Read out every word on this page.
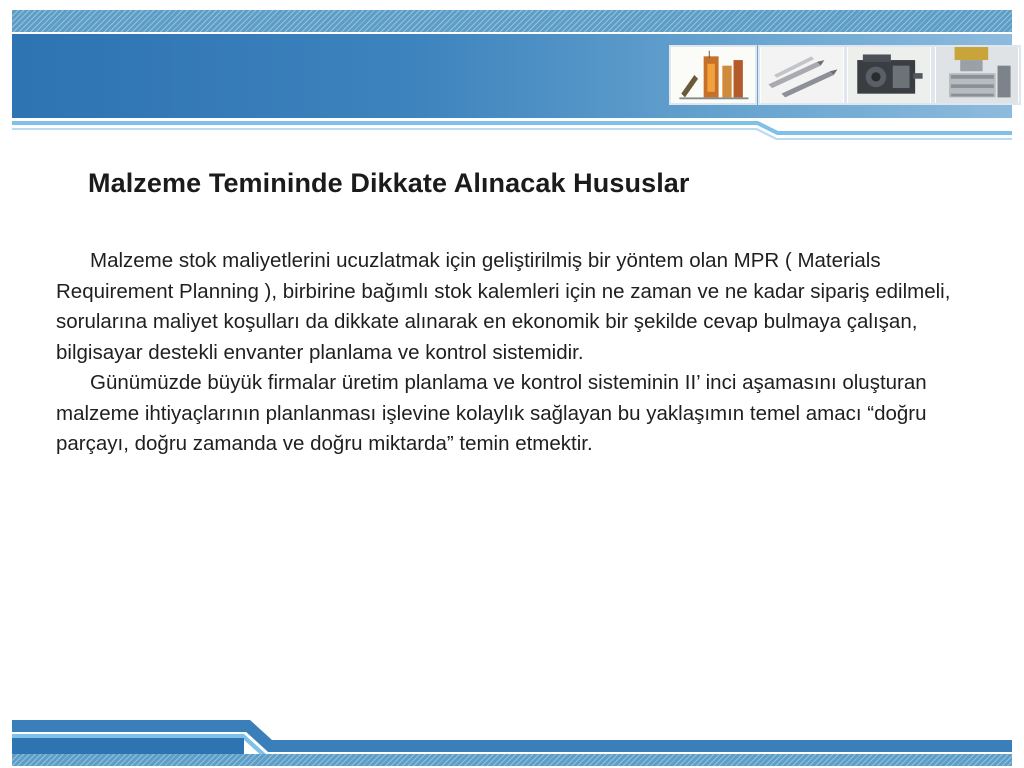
Malzeme Temininde Dikkate Alınacak Hususlar

Malzeme stok maliyetlerini ucuzlatmak için geliştirilmiş bir yöntem olan MPR ( Materials Requirement Planning ), birbirine bağımlı stok kalemleri için ne zaman ve ne kadar sipariş edilmeli, sorularına maliyet koşulları da dikkate alınarak en ekonomik bir şekilde cevap bulmaya çalışan, bilgisayar destekli envanter planlama ve kontrol sistemidir.

Günümüzde büyük firmalar üretim planlama ve kontrol sisteminin II’ inci aşamasını oluşturan malzeme ihtiyaçlarının planlanması işlevine kolaylık sağlayan bu yaklaşımın temel amacı “doğru parçayı, doğru zamanda ve doğru miktarda” temin etmektir.
